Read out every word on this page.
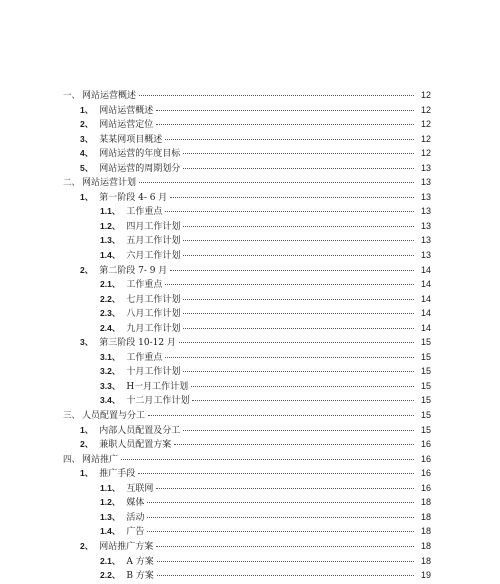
一、 网站运营概述	12
1、 网站运营概述	12
2、 网站运营定位	12
3、 某某网项目概述	12
4、 网站运营的年度目标	12
5、 网站运营的周期划分	13
二、 网站运营计划	13
1、 第一阶段 4- 6 月	13
1.1、 工作重点	13
1.2、 四月工作计划	13
1.3、 五月工作计划	13
1.4、 六月工作计划	13
2、 第二阶段 7- 9 月	14
2.1、 工作重点	14
2.2、 七月工作计划	14
2.3、 八月工作计划	14
2.4、 九月工作计划	14
3、 第三阶段 10-12 月	15
3.1、 工作重点	15
3.2、 十月工作计划	15
3.3、 H一月工作计划	15
3.4、 十二月工作计划	15
三、 人员配置与分工	15
1、 内部人员配置及分工	15
2、 兼职人员配置方案	16
四、 网站推广	16
1、 推广手段	16
1.1、 互联网	16
1.2、 媒体	18
1.3、 活动	18
1.4、 广告	18
2、 网站推广方案	18
2.1、 A 方案	18
2.2、 B 方案	19
